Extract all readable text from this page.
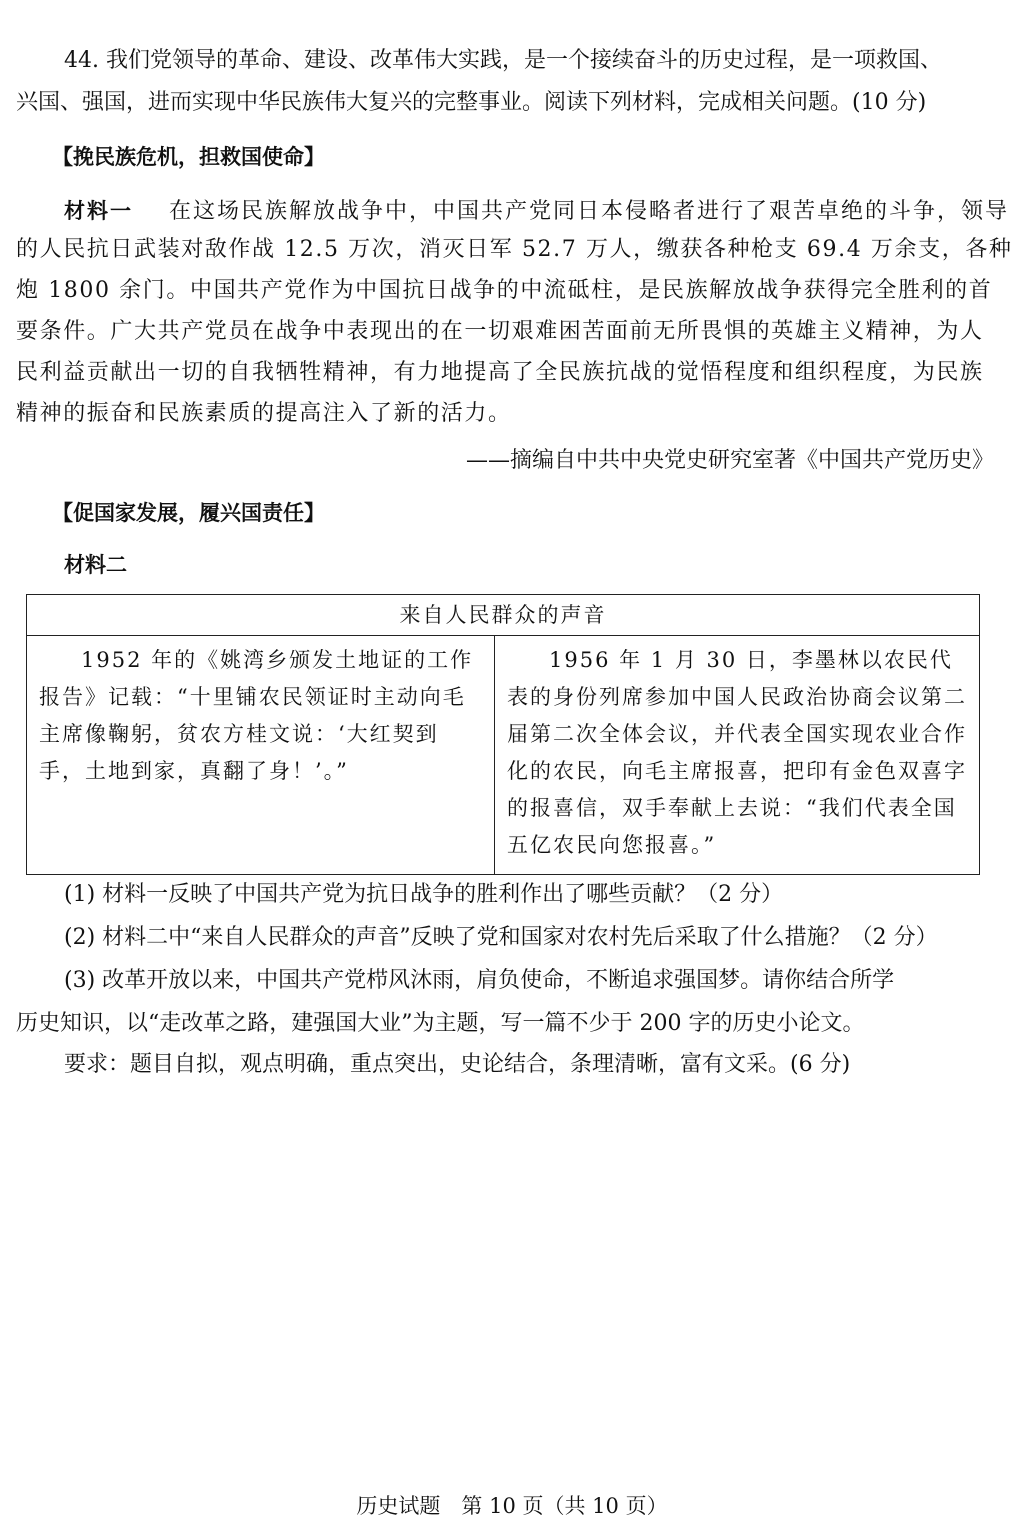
44. 我们党领导的革命、建设、改革伟大实践，是一个接续奋斗的历史过程，是一项救国、
兴国、强国，进而实现中华民族伟大复兴的完整事业。阅读下列材料，完成相关问题。(10 分)
【挽民族危机，担救国使命】
材料一 在这场民族解放战争中，中国共产党同日本侵略者进行了艰苦卓绝的斗争，领导
的人民抗日武装对敌作战 12.5 万次，消灭日军 52.7 万人，缴获各种枪支 69.4 万余支，各种
炮 1800 余门。中国共产党作为中国抗日战争的中流砥柱，是民族解放战争获得完全胜利的首
要条件。广大共产党员在战争中表现出的在一切艰难困苦面前无所畏惧的英雄主义精神，为人
民利益贡献出一切的自我牺牲精神，有力地提高了全民族抗战的觉悟程度和组织程度，为民族
精神的振奋和民族素质的提高注入了新的活力。
——摘编自中共中央党史研究室著《中国共产党历史》
【促国家发展，履兴国责任】
材料二
来自人民群众的声音
1952 年的《姚湾乡颁发土地证的工作报告》记载：“十里铺农民领证时主动向毛主席像鞠躬，贫农方桂文说：‘大红契到手，土地到家，真翻了身！’。”	1956 年 1 月 30 日，李墨林以农民代表的身份列席参加中国人民政治协商会议第二届第二次全体会议，并代表全国实现农业合作化的农民，向毛主席报喜，把印有金色双喜字的报喜信，双手奉献上去说：“我们代表全国五亿农民向您报喜。”
(1) 材料一反映了中国共产党为抗日战争的胜利作出了哪些贡献？（2 分）
(2) 材料二中“来自人民群众的声音”反映了党和国家对农村先后采取了什么措施？（2 分）
(3) 改革开放以来，中国共产党栉风沐雨，肩负使命，不断追求强国梦。请你结合所学
历史知识，以“走改革之路，建强国大业”为主题，写一篇不少于 200 字的历史小论文。
要求：题目自拟，观点明确，重点突出，史论结合，条理清晰，富有文采。(6 分)
历史试题　第 10 页（共 10 页）
